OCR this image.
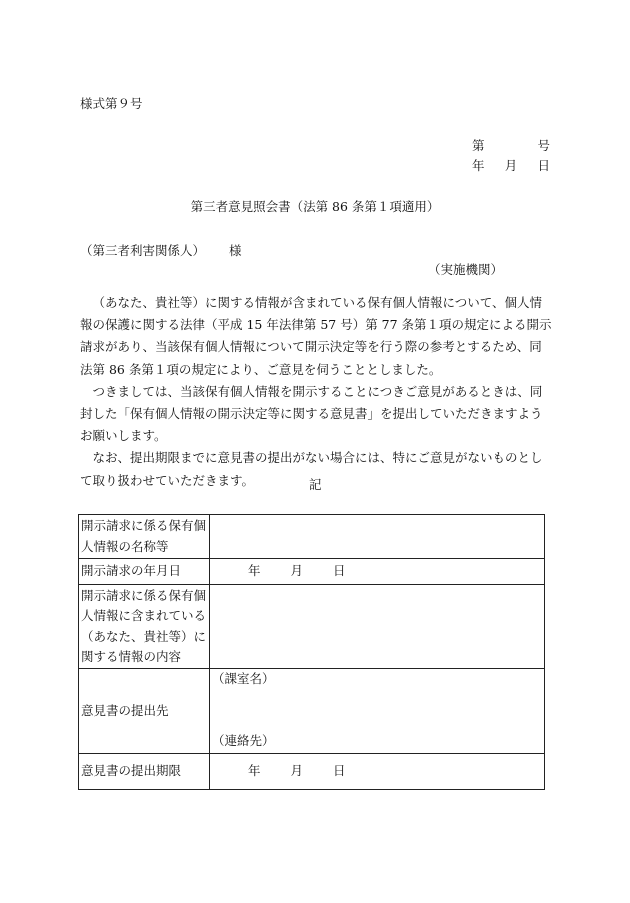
様式第９号
第	号
年 月 日
第三者意見照会書（法第 86 条第１項適用）
（第三者利害関係人） 様
（実施機関）

（あなた、貴社等）に関する情報が含まれている保有個人情報について、個人情報の保護に関する法律（平成 15 年法律第 57 号）第 77 条第１項の規定による開示請求があり、当該保有個人情報について開示決定等を行う際の参考とするため、同法第 86 条第１項の規定により、ご意見を伺うこととしました。

つきましては、当該保有個人情報を開示することにつきご意見があるときは、同封した「保有個人情報の開示決定等に関する意見書」を提出していただきますようお願いします。

なお、提出期限までに意見書の提出がない場合には、特にご意見がないものとして取り扱わせていただきます。	記
開示請求に係る保有個人情報の名称等	
開示請求の年月日	年 月 日
開示請求に係る保有個人情報に含まれている（あなた、貴社等）に関する情報の内容	
意見書の提出先	（課室名）
（連絡先）

意見書の提出期限	年 月 日
